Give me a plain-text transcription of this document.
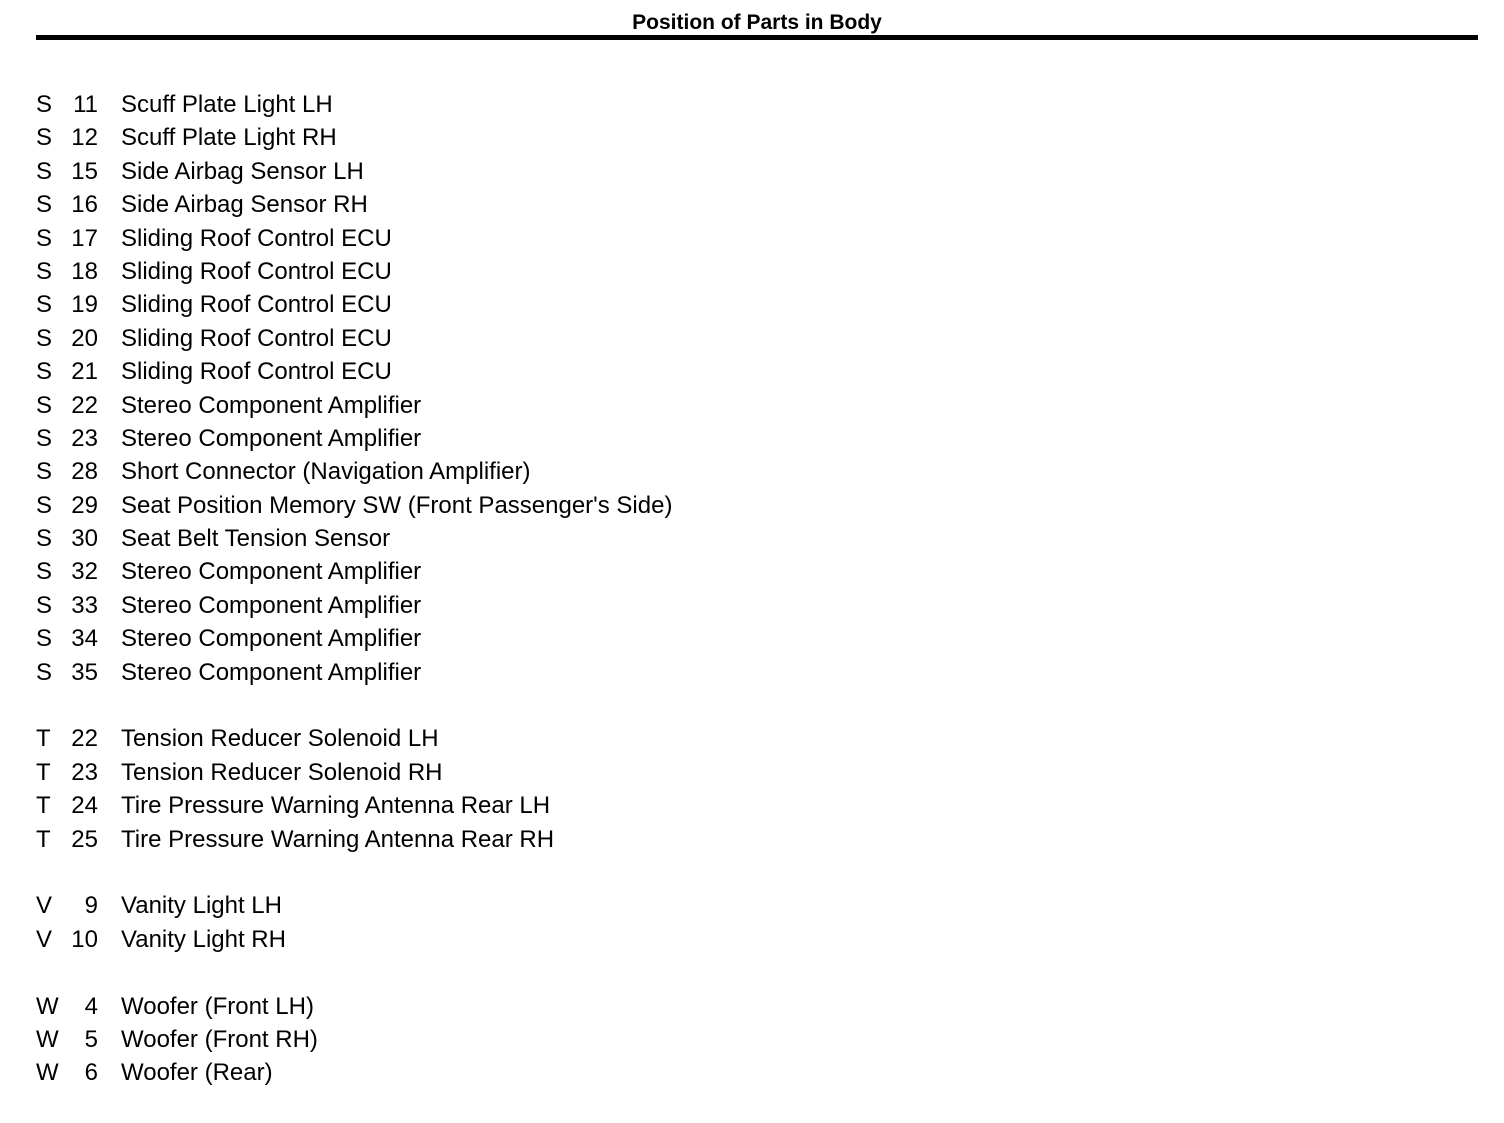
Position of Parts in Body
S 11 Scuff Plate Light LH
S 12 Scuff Plate Light RH
S 15 Side Airbag Sensor LH
S 16 Side Airbag Sensor RH
S 17 Sliding Roof Control ECU
S 18 Sliding Roof Control ECU
S 19 Sliding Roof Control ECU
S 20 Sliding Roof Control ECU
S 21 Sliding Roof Control ECU
S 22 Stereo Component Amplifier
S 23 Stereo Component Amplifier
S 28 Short Connector (Navigation Amplifier)
S 29 Seat Position Memory SW (Front Passenger's Side)
S 30 Seat Belt Tension Sensor
S 32 Stereo Component Amplifier
S 33 Stereo Component Amplifier
S 34 Stereo Component Amplifier
S 35 Stereo Component Amplifier
T 22 Tension Reducer Solenoid LH
T 23 Tension Reducer Solenoid RH
T 24 Tire Pressure Warning Antenna Rear LH
T 25 Tire Pressure Warning Antenna Rear RH
V	9 Vanity Light LH
V 10 Vanity Light RH
W	4 Woofer (Front LH)
W	5 Woofer (Front RH)
W	6 Woofer (Rear)
